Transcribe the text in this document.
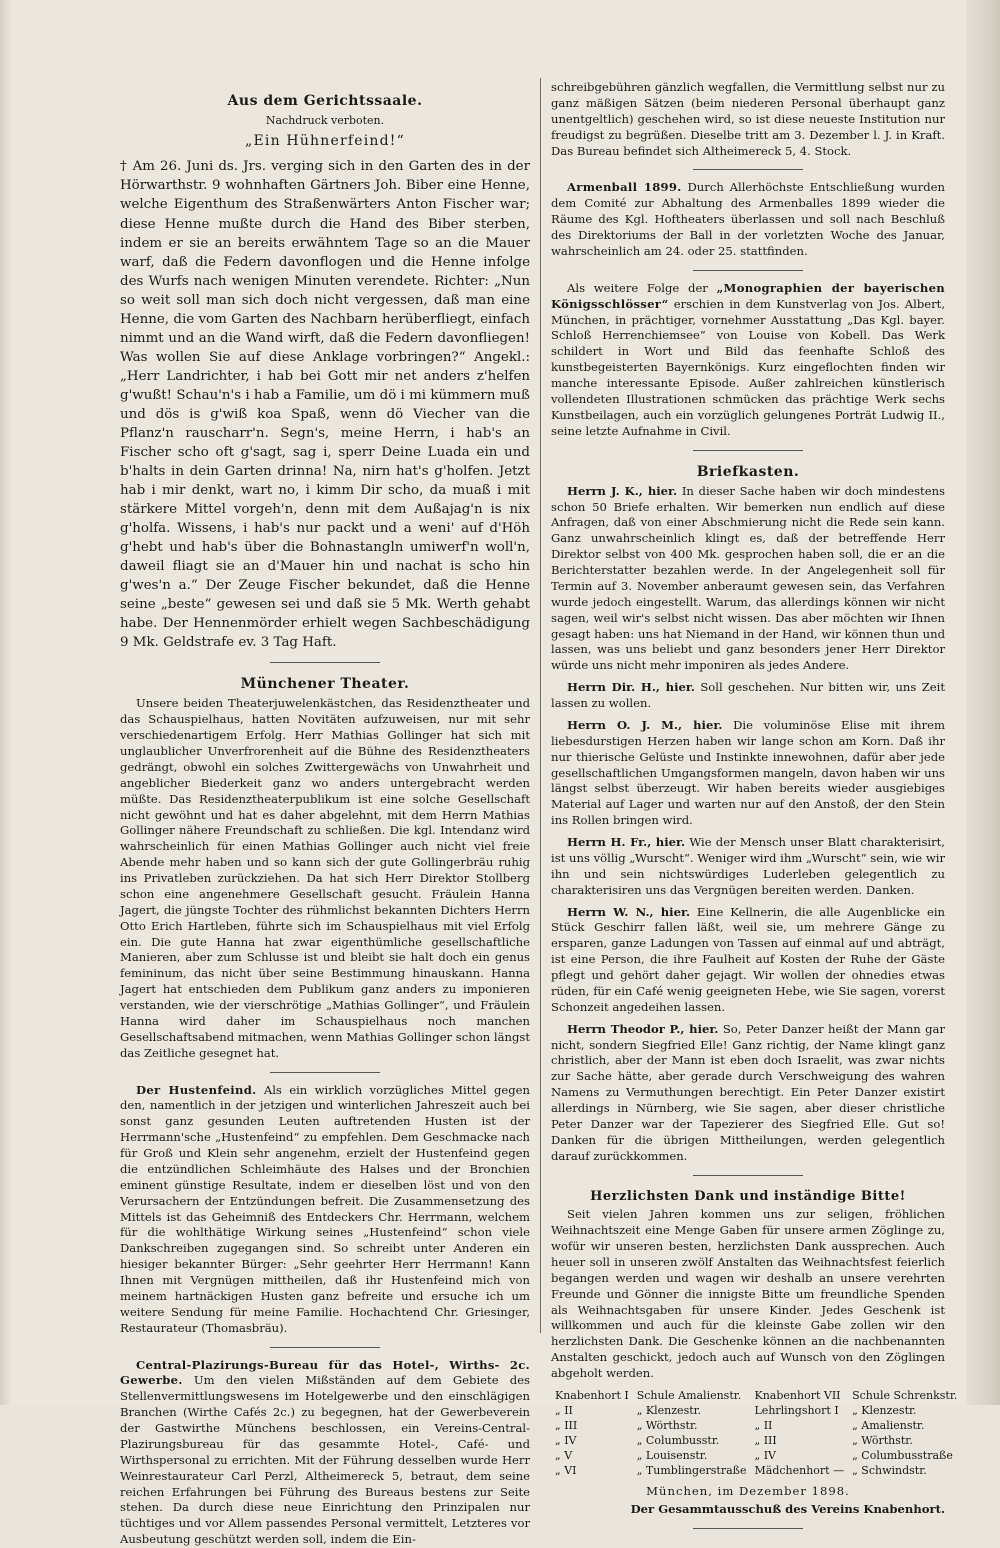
Aus dem Gerichtssaale.
Nachdruck verboten.
„Ein Hühnerfeind!“

† Am 26. Juni ds. Jrs. verging sich in den Garten des in der Hörwarthstr. 9 wohnhaften Gärtners Joh. Biber eine Henne, welche Eigenthum des Straßenwärters Anton Fischer war; diese Henne mußte durch die Hand des Biber sterben, indem er sie an bereits erwähntem Tage so an die Mauer warf, daß die Federn davonflogen und die Henne infolge des Wurfs nach wenigen Minuten verendete. Richter: „Nun so weit soll man sich doch nicht vergessen, daß man eine Henne, die vom Garten des Nachbarn herüberfliegt, einfach nimmt und an die Wand wirft, daß die Federn davonfliegen! Was wollen Sie auf diese Anklage vorbringen?“ Angekl.: „Herr Landrichter, i hab bei Gott mir net anders z'helfen g'wußt! Schau'n's i hab a Familie, um dö i mi kümmern muß und dös is g'wiß koa Spaß, wenn dö Viecher van die Pflanz'n rauscharr'n. Segn's, meine Herrn, i hab's an Fischer scho oft g'sagt, sag i, sperr Deine Luada ein und b'halts in dein Garten drinna! Na, nirn hat's g'holfen. Jetzt hab i mir denkt, wart no, i kimm Dir scho, da muaß i mit stärkere Mittel vorgeh'n, denn mit dem Außajag'n is nix g'holfa. Wissens, i hab's nur packt und a weni' auf d'Höh g'hebt und hab's über die Bohnastangln umiwerf'n woll'n, daweil fliagt sie an d'Mauer hin und nachat is scho hin g'wes'n a.“ Der Zeuge Fischer bekundet, daß die Henne seine „beste“ gewesen sei und daß sie 5 Mk. Werth gehabt habe. Der Hennenmörder erhielt wegen Sachbeschädigung 9 Mk. Geldstrafe ev. 3 Tag Haft.

Münchener Theater.

Unsere beiden Theaterjuwelenkästchen, das Residenztheater und das Schauspielhaus, hatten Novitäten aufzuweisen, nur mit sehr verschiedenartigem Erfolg. Herr Mathias Gollinger hat sich mit unglaublicher Unverfrorenheit auf die Bühne des Residenztheaters gedrängt, obwohl ein solches Zwittergewächs von Unwahrheit und angeblicher Biederkeit ganz wo anders untergebracht werden müßte. Das Residenztheaterpublikum ist eine solche Gesellschaft nicht gewöhnt und hat es daher abgelehnt, mit dem Herrn Mathias Gollinger nähere Freundschaft zu schließen. Die kgl. Intendanz wird wahrscheinlich für einen Mathias Gollinger auch nicht viel freie Abende mehr haben und so kann sich der gute Gollingerbräu ruhig ins Privatleben zurückziehen. Da hat sich Herr Direktor Stollberg schon eine angenehmere Gesellschaft gesucht. Fräulein Hanna Jagert, die jüngste Tochter des rühmlichst bekannten Dichters Herrn Otto Erich Hartleben, führte sich im Schauspielhaus mit viel Erfolg ein. Die gute Hanna hat zwar eigenthümliche gesellschaftliche Manieren, aber zum Schlusse ist und bleibt sie halt doch ein genus femininum, das nicht über seine Bestimmung hinauskann. Hanna Jagert hat entschieden dem Publikum ganz anders zu imponieren verstanden, wie der vierschrötige „Mathias Gollinger“, und Fräulein Hanna wird daher im Schauspielhaus noch manchen Gesellschaftsabend mitmachen, wenn Mathias Gollinger schon längst das Zeitliche gesegnet hat.

Der Hustenfeind. Als ein wirklich vorzügliches Mittel gegen den, namentlich in der jetzigen und winterlichen Jahreszeit auch bei sonst ganz gesunden Leuten auftretenden Husten ist der Herrmann'sche „Hustenfeind“ zu empfehlen. Dem Geschmacke nach für Groß und Klein sehr angenehm, erzielt der Hustenfeind gegen die entzündlichen Schleimhäute des Halses und der Bronchien eminent günstige Resultate, indem er dieselben löst und von den Verursachern der Entzündungen befreit. Die Zusammensetzung des Mittels ist das Geheimniß des Entdeckers Chr. Herrmann, welchem für die wohlthätige Wirkung seines „Hustenfeind“ schon viele Dankschreiben zugegangen sind. So schreibt unter Anderen ein hiesiger bekannter Bürger: „Sehr geehrter Herr Herrmann! Kann Ihnen mit Vergnügen mittheilen, daß ihr Hustenfeind mich von meinem hartnäckigen Husten ganz befreite und ersuche ich um weitere Sendung für meine Familie. Hochachtend Chr. Griesinger, Restaurateur (Thomasbräu).

Central-Plazirungs-Bureau für das Hotel-, Wirths- 2c. Gewerbe. Um den vielen Mißständen auf dem Gebiete des Stellenvermittlungswesens im Hotelgewerbe und den einschlägigen Branchen (Wirthe Cafés 2c.) zu begegnen, hat der Gewerbeverein der Gastwirthe Münchens beschlossen, ein Vereins-Central-Plazirungsbureau für das gesammte Hotel-, Café- und Wirthspersonal zu errichten. Mit der Führung desselben wurde Herr Weinrestaurateur Carl Perzl, Altheimereck 5, betraut, dem seine reichen Erfahrungen bei Führung des Bureaus bestens zur Seite stehen. Da durch diese neue Einrichtung den Prinzipalen nur tüchtiges und vor Allem passendes Personal vermittelt, Letzteres vor Ausbeutung geschützt werden soll, indem die Ein-

schreibgebühren gänzlich wegfallen, die Vermittlung selbst nur zu ganz mäßigen Sätzen (beim niederen Personal überhaupt ganz unentgeltlich) geschehen wird, so ist diese neueste Institution nur freudigst zu begrüßen. Dieselbe tritt am 3. Dezember l. J. in Kraft. Das Bureau befindet sich Altheimereck 5, 4. Stock.

Armenball 1899. Durch Allerhöchste Entschließung wurden dem Comité zur Abhaltung des Armenballes 1899 wieder die Räume des Kgl. Hoftheaters überlassen und soll nach Beschluß des Direktoriums der Ball in der vorletzten Woche des Januar, wahrscheinlich am 24. oder 25. stattfinden.

Als weitere Folge der „Monographien der bayerischen Königsschlösser“ erschien in dem Kunstverlag von Jos. Albert, München, in prächtiger, vornehmer Ausstattung „Das Kgl. bayer. Schloß Herrenchiemsee“ von Louise von Kobell. Das Werk schildert in Wort und Bild das feenhafte Schloß des kunstbegeisterten Bayernkönigs. Kurz eingeflochten finden wir manche interessante Episode. Außer zahlreichen künstlerisch vollendeten Illustrationen schmücken das prächtige Werk sechs Kunstbeilagen, auch ein vorzüglich gelungenes Porträt Ludwig II., seine letzte Aufnahme in Civil.

Briefkasten.

Herrn J. K., hier. In dieser Sache haben wir doch mindestens schon 50 Briefe erhalten. Wir bemerken nun endlich auf diese Anfragen, daß von einer Abschmierung nicht die Rede sein kann. Ganz unwahrscheinlich klingt es, daß der betreffende Herr Direktor selbst von 400 Mk. gesprochen haben soll, die er an die Berichterstatter bezahlen werde. In der Angelegenheit soll für Termin auf 3. November anberaumt gewesen sein, das Verfahren wurde jedoch eingestellt. Warum, das allerdings können wir nicht sagen, weil wir's selbst nicht wissen. Das aber möchten wir Ihnen gesagt haben: uns hat Niemand in der Hand, wir können thun und lassen, was uns beliebt und ganz besonders jener Herr Direktor würde uns nicht mehr imponiren als jedes Andere.

Herrn Dir. H., hier. Soll geschehen. Nur bitten wir, uns Zeit lassen zu wollen.

Herrn O. J. M., hier. Die voluminöse Elise mit ihrem liebesdurstigen Herzen haben wir lange schon am Korn. Daß ihr nur thierische Gelüste und Instinkte innewohnen, dafür aber jede gesellschaftlichen Umgangsformen mangeln, davon haben wir uns längst selbst überzeugt. Wir haben bereits wieder ausgiebiges Material auf Lager und warten nur auf den Anstoß, der den Stein ins Rollen bringen wird.

Herrn H. Fr., hier. Wie der Mensch unser Blatt charakterisirt, ist uns völlig „Wurscht“. Weniger wird ihm „Wurscht“ sein, wie wir ihn und sein nichtswürdiges Luderleben gelegentlich zu charakterisiren uns das Vergnügen bereiten werden. Danken.

Herrn W. N., hier. Eine Kellnerin, die alle Augenblicke ein Stück Geschirr fallen läßt, weil sie, um mehrere Gänge zu ersparen, ganze Ladungen von Tassen auf einmal auf und abträgt, ist eine Person, die ihre Faulheit auf Kosten der Ruhe der Gäste pflegt und gehört daher gejagt. Wir wollen der ohnedies etwas rüden, für ein Café wenig geeigneten Hebe, wie Sie sagen, vorerst Schonzeit angedeihen lassen.

Herrn Theodor P., hier. So, Peter Danzer heißt der Mann gar nicht, sondern Siegfried Elle! Ganz richtig, der Name klingt ganz christlich, aber der Mann ist eben doch Israelit, was zwar nichts zur Sache hätte, aber gerade durch Verschweigung des wahren Namens zu Vermuthungen berechtigt. Ein Peter Danzer existirt allerdings in Nürnberg, wie Sie sagen, aber dieser christliche Peter Danzer war der Tapezierer des Siegfried Elle. Gut so! Danken für die übrigen Mittheilungen, werden gelegentlich darauf zurückkommen.

Herzlichsten Dank und inständige Bitte!

Seit vielen Jahren kommen uns zur seligen, fröhlichen Weihnachtszeit eine Menge Gaben für unsere armen Zöglinge zu, wofür wir unseren besten, herzlichsten Dank aussprechen. Auch heuer soll in unseren zwölf Anstalten das Weihnachtsfest feierlich begangen werden und wagen wir deshalb an unsere verehrten Freunde und Gönner die innigste Bitte um freundliche Spenden als Weihnachtsgaben für unsere Kinder. Jedes Geschenk ist willkommen und auch für die kleinste Gabe zollen wir den herzlichsten Dank. Die Geschenke können an die nachbenannten Anstalten geschickt, jedoch auch auf Wunsch von den Zöglingen abgeholt werden.

Knabenhort I	Schule Amalienstr.	Knabenhort VII	Schule Schrenkstr.
„ II	„ Klenzestr.	Lehrlingshort I	„ Klenzestr.
„ III	„ Wörthstr.	„ II	„ Amalienstr.
„ IV	„ Columbusstr.	„ III	„ Wörthstr.
„ V	„ Louisenstr.	„ IV	„ Columbusstraße
„ VI	„ Tumblingerstraße	Mädchenhort —	„ Schwindstr.
München, im Dezember 1898.
Der Gesammtausschuß des Vereins Knabenhort.
